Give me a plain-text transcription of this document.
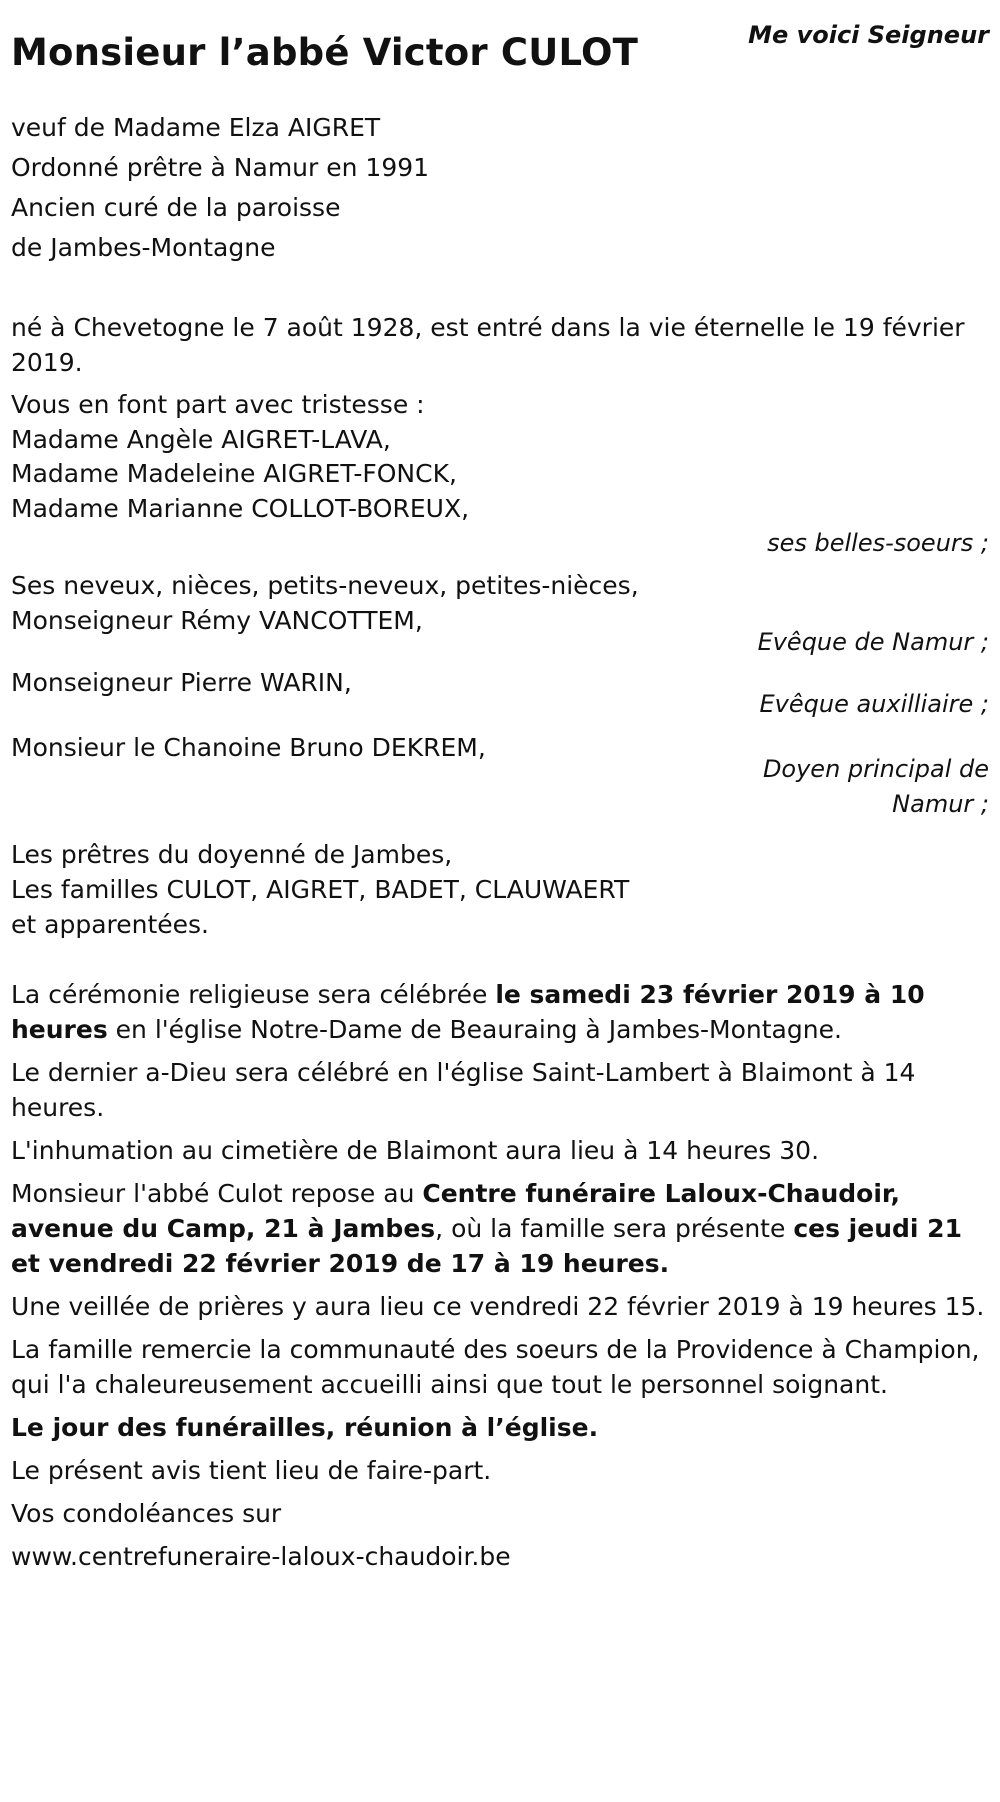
Monsieur l’abbé Victor CULOT	Me voici Seigneur
veuf de Madame Elza AIGRET
Ordonné prêtre à Namur en 1991
Ancien curé de la paroisse
de Jambes-Montagne
né à Chevetogne le 7 août 1928, est entré dans la vie éternelle le 19 février 2019.
Vous en font part avec tristesse :
Madame Angèle AIGRET-LAVA,
Madame Madeleine AIGRET-FONCK,
Madame Marianne COLLOT-BOREUX,
ses belles-soeurs ;
Ses neveux, nièces, petits-neveux, petites-nièces,
Monseigneur Rémy VANCOTTEM,
Evêque de Namur ;
Monseigneur Pierre WARIN,
Evêque auxilliaire ;
Monsieur le Chanoine Bruno DEKREM,
Doyen principal de Namur ;
Les prêtres du doyenné de Jambes,
Les familles CULOT, AIGRET, BADET, CLAUWAERT
et apparentées.

La cérémonie religieuse sera célébrée le samedi 23 février 2019 à 10 heures en l'église Notre-Dame de Beauraing à Jambes-Montagne.

Le dernier a-Dieu sera célébré en l'église Saint-Lambert à Blaimont à 14 heures.

L'inhumation au cimetière de Blaimont aura lieu à 14 heures 30.

Monsieur l'abbé Culot repose au Centre funéraire Laloux-Chaudoir, avenue du Camp, 21 à Jambes, où la famille sera présente ces jeudi 21 et vendredi 22 février 2019 de 17 à 19 heures.

Une veillée de prières y aura lieu ce vendredi 22 février 2019 à 19 heures 15.

La famille remercie la communauté des soeurs de la Providence à Champion, qui l'a chaleureusement accueilli ainsi que tout le personnel soignant.

Le jour des funérailles, réunion à l’église.

Le présent avis tient lieu de faire-part.

Vos condoléances sur

www.centrefuneraire-laloux-chaudoir.be
